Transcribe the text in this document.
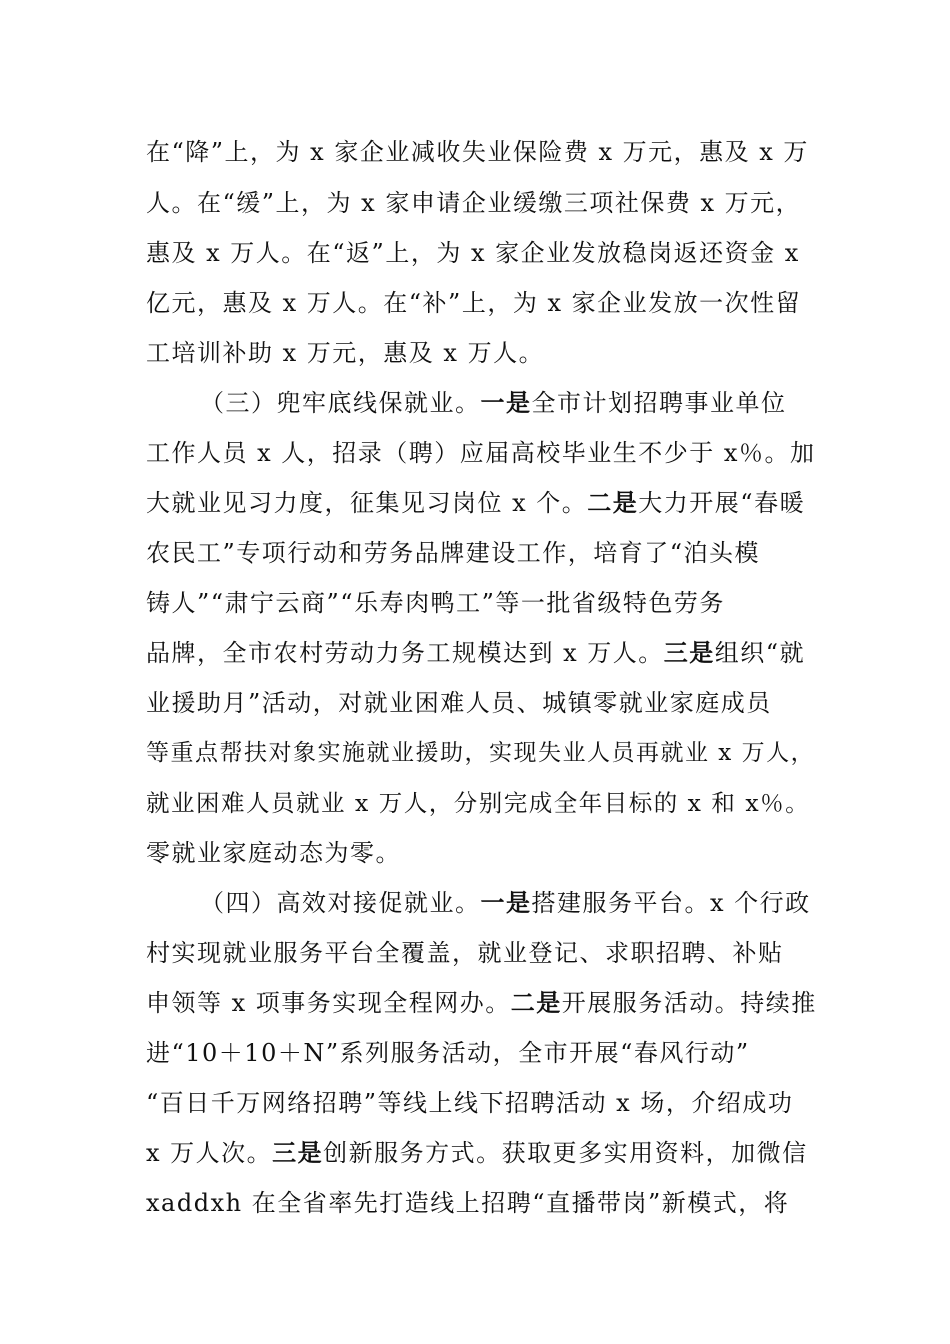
在“降”上，为 x 家企业减收失业保险费 x 万元，惠及 x 万
人。在“缓”上，为 x 家申请企业缓缴三项社保费 x 万元，
惠及 x 万人。在“返”上，为 x 家企业发放稳岗返还资金 x
亿元，惠及 x 万人。在“补”上，为 x 家企业发放一次性留
工培训补助 x 万元，惠及 x 万人。
（三）兜牢底线保就业。一是全市计划招聘事业单位
工作人员 x 人，招录（聘）应届高校毕业生不少于 x％。加
大就业见习力度，征集见习岗位 x 个。二是大力开展“春暖
农民工”专项行动和劳务品牌建设工作，培育了“泊头模
铸人”“肃宁云商”“乐寿肉鸭工”等一批省级特色劳务
品牌，全市农村劳动力务工规模达到 x 万人。三是组织“就
业援助月”活动，对就业困难人员、城镇零就业家庭成员
等重点帮扶对象实施就业援助，实现失业人员再就业 x 万人，
就业困难人员就业 x 万人，分别完成全年目标的 x 和 x％。
零就业家庭动态为零。
（四）高效对接促就业。一是搭建服务平台。x 个行政
村实现就业服务平台全覆盖，就业登记、求职招聘、补贴
申领等 x 项事务实现全程网办。二是开展服务活动。持续推
进“10＋10＋N”系列服务活动，全市开展“春风行动”
“百日千万网络招聘”等线上线下招聘活动 x 场，介绍成功
x 万人次。三是创新服务方式。获取更多实用资料，加微信
xaddxh 在全省率先打造线上招聘“直播带岗”新模式，将
